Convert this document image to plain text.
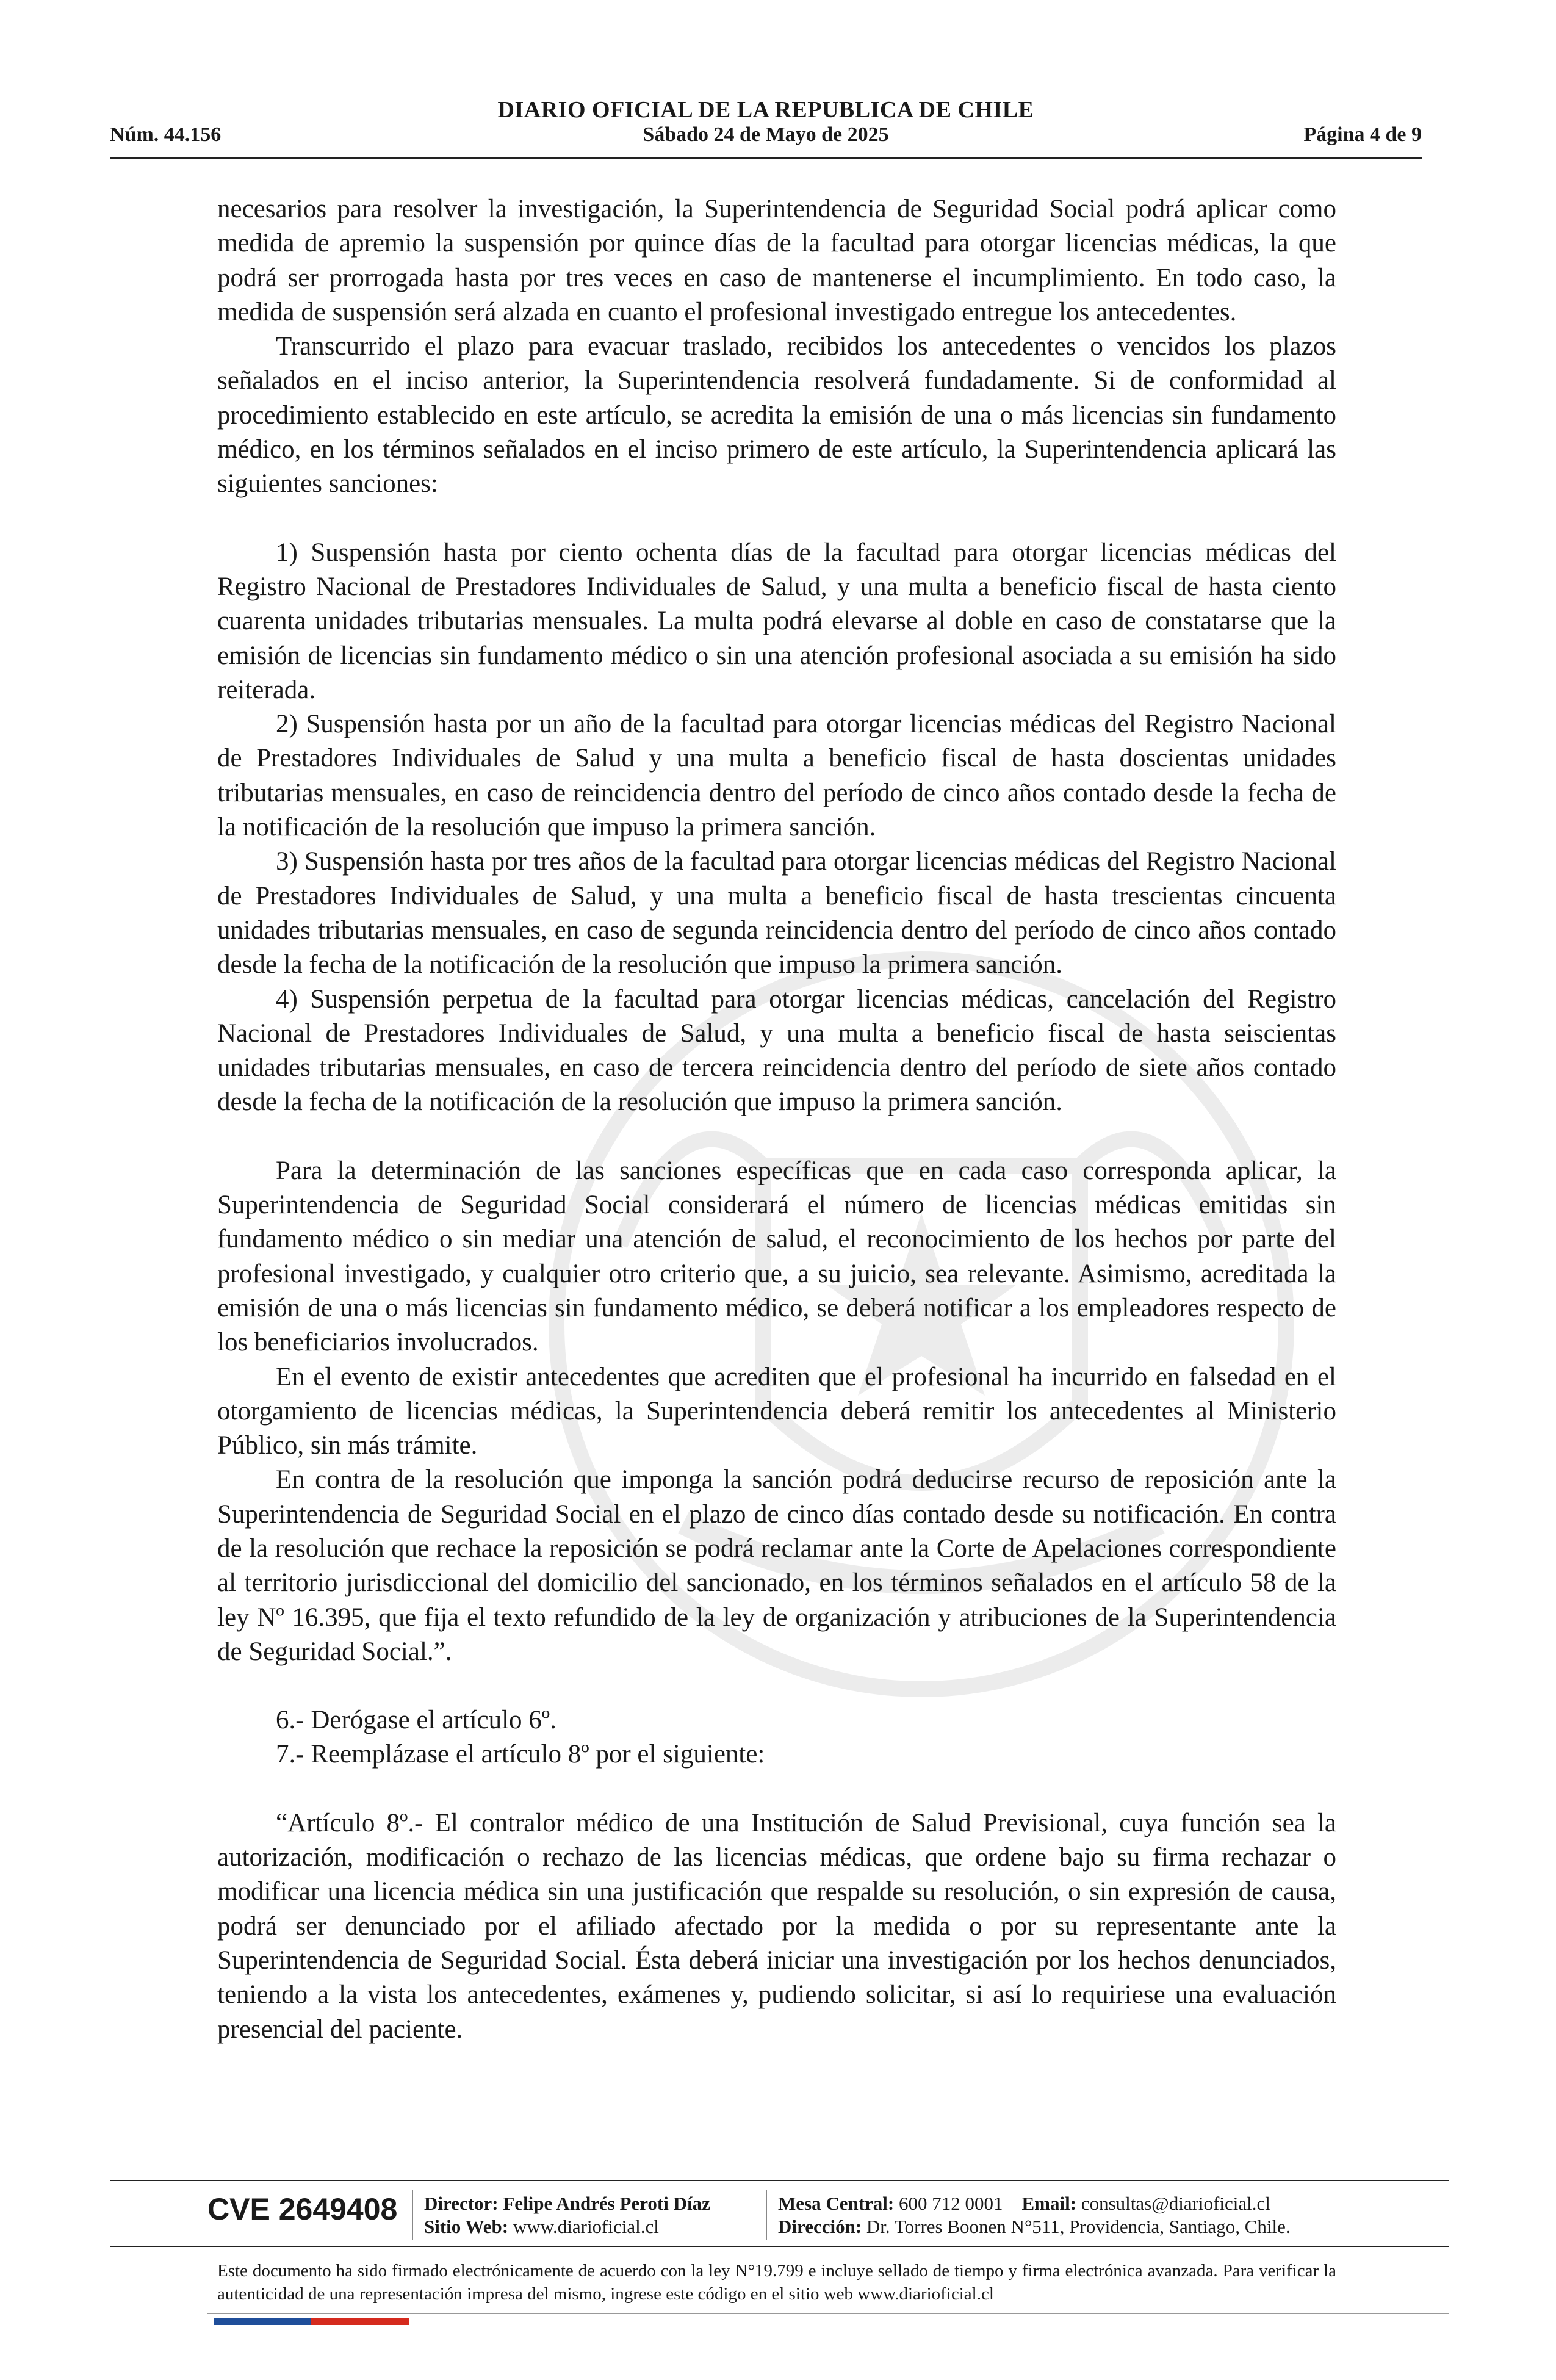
DIARIO OFICIAL DE LA REPUBLICA DE CHILE
Núm. 44.156	Sábado 24 de Mayo de 2025	Página 4 de 9

necesarios para resolver la investigación, la Superintendencia de Seguridad Social podrá aplicar como medida de apremio la suspensión por quince días de la facultad para otorgar licencias médicas, la que podrá ser prorrogada hasta por tres veces en caso de mantenerse el incumplimiento. En todo caso, la medida de suspensión será alzada en cuanto el profesional investigado entregue los antecedentes.

Transcurrido el plazo para evacuar traslado, recibidos los antecedentes o vencidos los plazos señalados en el inciso anterior, la Superintendencia resolverá fundadamente. Si de conformidad al procedimiento establecido en este artículo, se acredita la emisión de una o más licencias sin fundamento médico, en los términos señalados en el inciso primero de este artículo, la Superintendencia aplicará las siguientes sanciones:

1) Suspensión hasta por ciento ochenta días de la facultad para otorgar licencias médicas del Registro Nacional de Prestadores Individuales de Salud, y una multa a beneficio fiscal de hasta ciento cuarenta unidades tributarias mensuales. La multa podrá elevarse al doble en caso de constatarse que la emisión de licencias sin fundamento médico o sin una atención profesional asociada a su emisión ha sido reiterada.

2) Suspensión hasta por un año de la facultad para otorgar licencias médicas del Registro Nacional de Prestadores Individuales de Salud y una multa a beneficio fiscal de hasta doscientas unidades tributarias mensuales, en caso de reincidencia dentro del período de cinco años contado desde la fecha de la notificación de la resolución que impuso la primera sanción.

3) Suspensión hasta por tres años de la facultad para otorgar licencias médicas del Registro Nacional de Prestadores Individuales de Salud, y una multa a beneficio fiscal de hasta trescientas cincuenta unidades tributarias mensuales, en caso de segunda reincidencia dentro del período de cinco años contado desde la fecha de la notificación de la resolución que impuso la primera sanción.

4) Suspensión perpetua de la facultad para otorgar licencias médicas, cancelación del Registro Nacional de Prestadores Individuales de Salud, y una multa a beneficio fiscal de hasta seiscientas unidades tributarias mensuales, en caso de tercera reincidencia dentro del período de siete años contado desde la fecha de la notificación de la resolución que impuso la primera sanción.

Para la determinación de las sanciones específicas que en cada caso corresponda aplicar, la Superintendencia de Seguridad Social considerará el número de licencias médicas emitidas sin fundamento médico o sin mediar una atención de salud, el reconocimiento de los hechos por parte del profesional investigado, y cualquier otro criterio que, a su juicio, sea relevante. Asimismo, acreditada la emisión de una o más licencias sin fundamento médico, se deberá notificar a los empleadores respecto de los beneficiarios involucrados.

En el evento de existir antecedentes que acrediten que el profesional ha incurrido en falsedad en el otorgamiento de licencias médicas, la Superintendencia deberá remitir los antecedentes al Ministerio Público, sin más trámite.

En contra de la resolución que imponga la sanción podrá deducirse recurso de reposición ante la Superintendencia de Seguridad Social en el plazo de cinco días contado desde su notificación. En contra de la resolución que rechace la reposición se podrá reclamar ante la Corte de Apelaciones correspondiente al territorio jurisdiccional del domicilio del sancionado, en los términos señalados en el artículo 58 de la ley Nº 16.395, que fija el texto refundido de la ley de organización y atribuciones de la Superintendencia de Seguridad Social.”.

6.- Derógase el artículo 6º.

7.- Reemplázase el artículo 8º por el siguiente:

“Artículo 8º.- El contralor médico de una Institución de Salud Previsional, cuya función sea la autorización, modificación o rechazo de las licencias médicas, que ordene bajo su firma rechazar o modificar una licencia médica sin una justificación que respalde su resolución, o sin expresión de causa, podrá ser denunciado por el afiliado afectado por la medida o por su representante ante la Superintendencia de Seguridad Social. Ésta deberá iniciar una investigación por los hechos denunciados, teniendo a la vista los antecedentes, exámenes y, pudiendo solicitar, si así lo requiriese una evaluación presencial del paciente.

CVE 2649408 Director: Felipe Andrés Peroti Díaz
Sitio Web: www.diarioficial.cl
Mesa Central: 600 712 0001 Email: consultas@diarioficial.cl
Dirección: Dr. Torres Boonen N°511, Providencia, Santiago, Chile.
Este documento ha sido firmado electrónicamente de acuerdo con la ley N°19.799 e incluye sellado de tiempo y firma electrónica avanzada. Para verificar la autenticidad de una representación impresa del mismo, ingrese este código en el sitio web www.diarioficial.cl
